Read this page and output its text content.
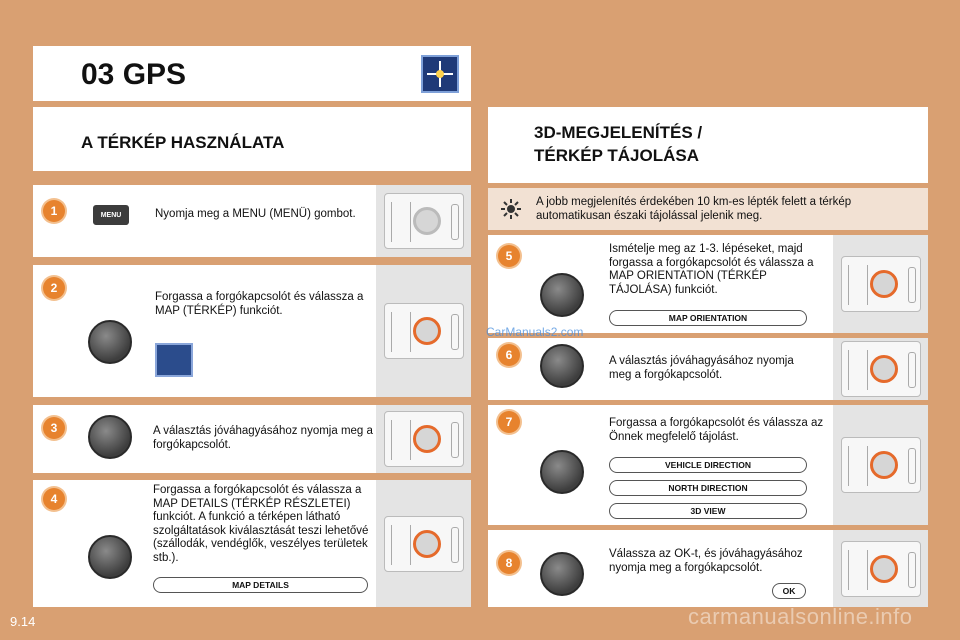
03 GPS
A TÉRKÉP HASZNÁLATA
3D-MEGJELENÍTÉS /
TÉRKÉP TÁJOLÁSA
A jobb megjelenítés érdekében 10 km-es lépték felett a térkép automatikusan északi tájolással jelenik meg.
1	MENU	Nyomja meg a MENU (MENÜ) gombot.
2
Forgassa a forgókapcsolót és válassza a MAP (TÉRKÉP) funkciót.
3	A választás jóváhagyásához nyomja meg a forgókapcsolót.
4
Forgassa a forgókapcsolót és válassza a MAP DETAILS (TÉRKÉP RÉSZLETEI) funkciót. A funkció a térképen látható szolgáltatások kiválasztását teszi lehetővé (szállodák, vendéglők, veszélyes területek stb.).
MAP DETAILS
5	Ismételje meg az 1-3. lépéseket, majd forgassa a forgókapcsolót és válassza a MAP ORIENTATION (TÉRKÉP TÁJOLÁSA) funkciót.
MAP ORIENTATION
6	A választás jóváhagyásához nyomja meg a forgókapcsolót.
7	Forgassa a forgókapcsolót és válassza az Önnek megfelelő tájolást.
VEHICLE DIRECTION
NORTH DIRECTION
3D VIEW
8
Válassza az OK-t, és jóváhagyásához nyomja meg a forgókapcsolót.
OK
CarManuals2.com
9.14	carmanualsonline.info
